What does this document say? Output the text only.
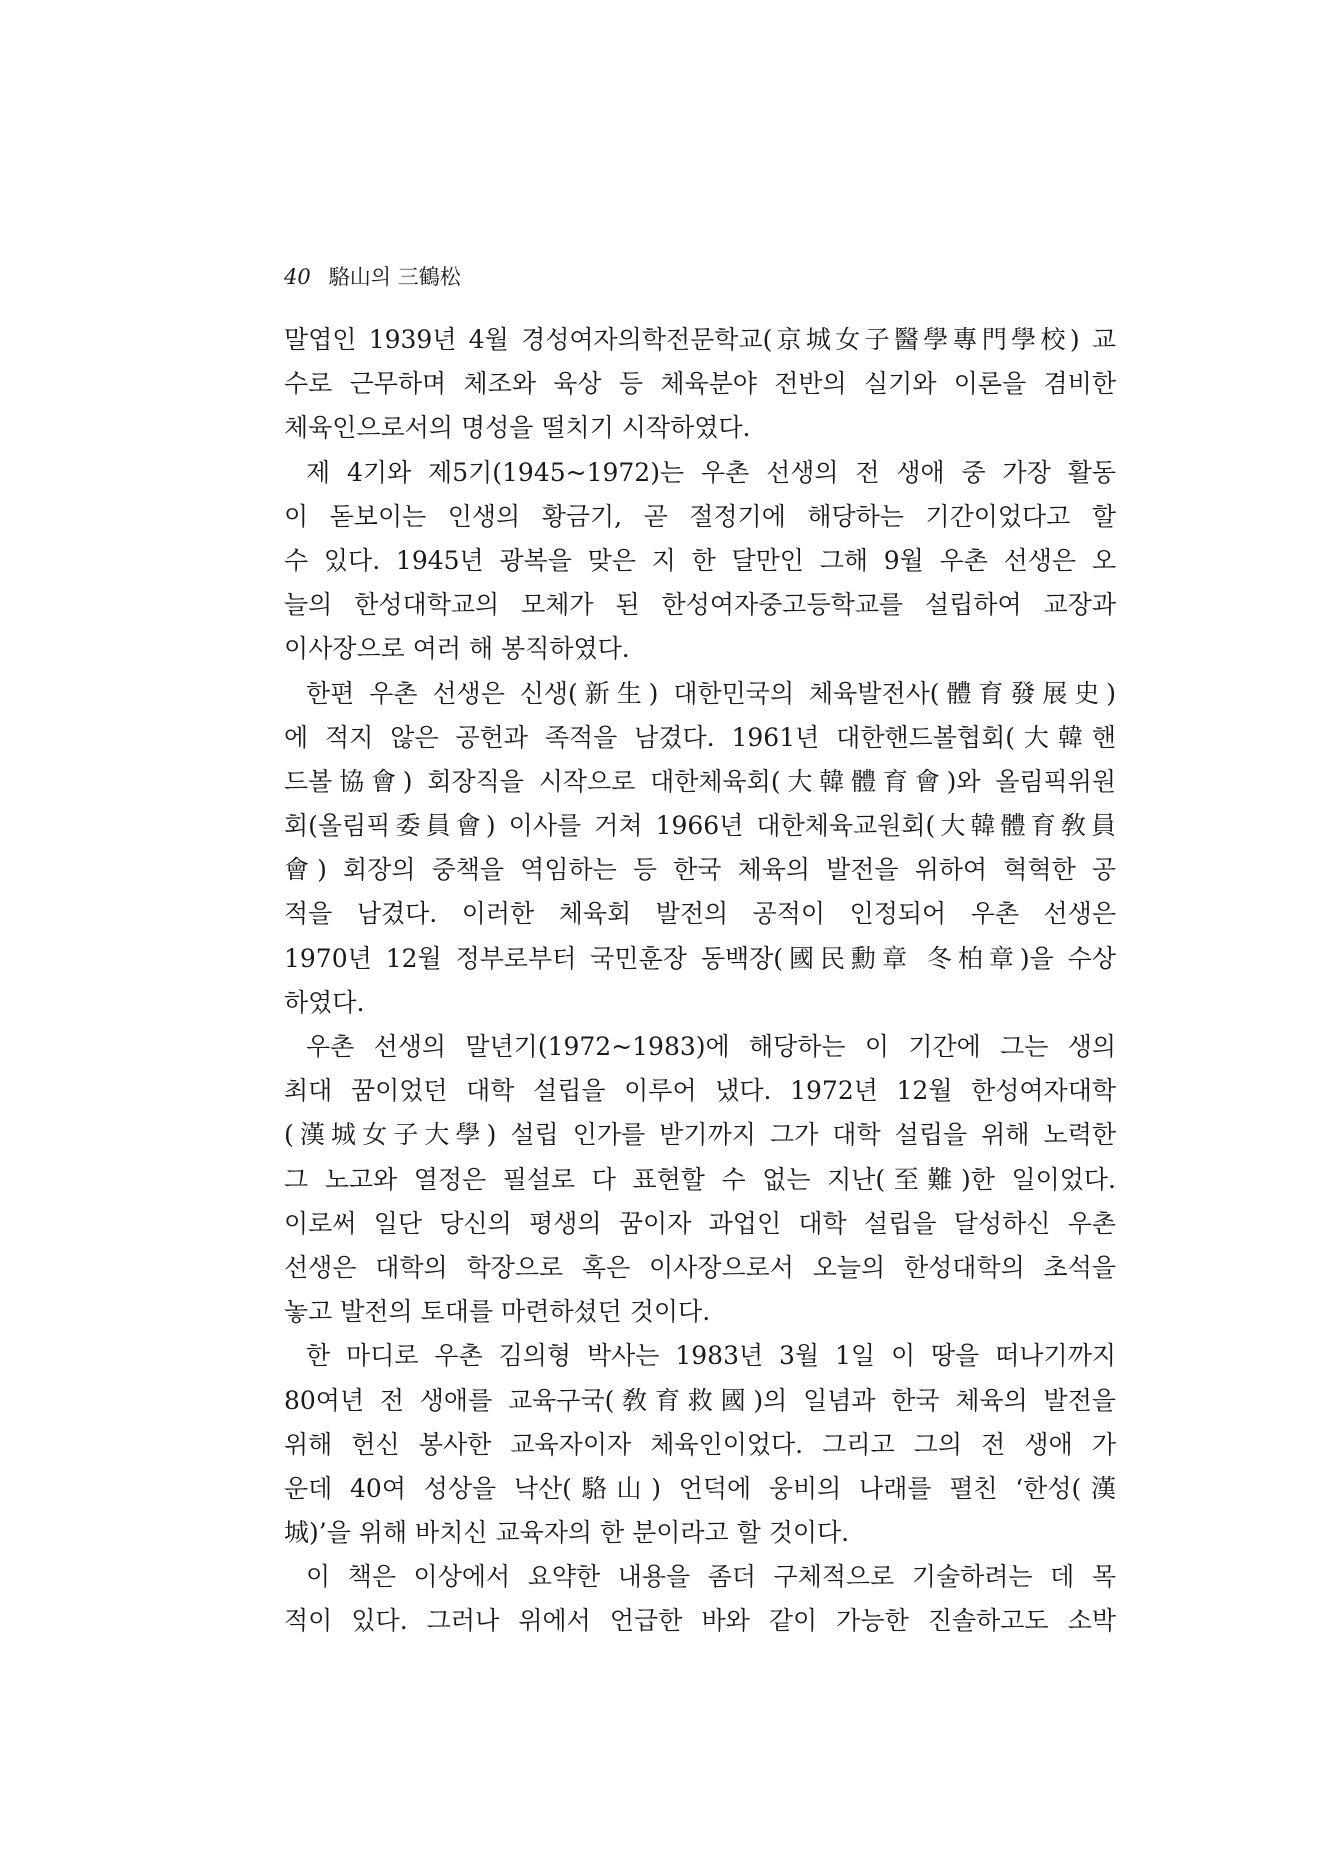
40 駱山의 三鶴松
말엽인 1939년 4월 경성여자의학전문학교(京城女子醫學專門學校) 교
수로 근무하며 체조와 육상 등 체육분야 전반의 실기와 이론을 겸비한
체육인으로서의 명성을 떨치기 시작하였다.
제 4기와 제5기(1945~1972)는 우촌 선생의 전 생애 중 가장 활동
이 돋보이는 인생의 황금기, 곧 절정기에 해당하는 기간이었다고 할
수 있다. 1945년 광복을 맞은 지 한 달만인 그해 9월 우촌 선생은 오
늘의 한성대학교의 모체가 된 한성여자중고등학교를 설립하여 교장과
이사장으로 여러 해 봉직하였다.
한편 우촌 선생은 신생(新生) 대한민국의 체육발전사(體育發展史)
에 적지 않은 공헌과 족적을 남겼다. 1961년 대한핸드볼협회(大韓핸
드볼協會) 회장직을 시작으로 대한체육회(大韓體育會)와 올림픽위원
회(올림픽委員會) 이사를 거쳐 1966년 대한체육교원회(大韓體育敎員
會) 회장의 중책을 역임하는 등 한국 체육의 발전을 위하여 혁혁한 공
적을 남겼다. 이러한 체육회 발전의 공적이 인정되어 우촌 선생은
1970년 12월 정부로부터 국민훈장 동백장(國民勳章 冬柏章)을 수상
하였다.
우촌 선생의 말년기(1972~1983)에 해당하는 이 기간에 그는 생의
최대 꿈이었던 대학 설립을 이루어 냈다. 1972년 12월 한성여자대학
(漢城女子大學) 설립 인가를 받기까지 그가 대학 설립을 위해 노력한
그 노고와 열정은 필설로 다 표현할 수 없는 지난(至難)한 일이었다.
이로써 일단 당신의 평생의 꿈이자 과업인 대학 설립을 달성하신 우촌
선생은 대학의 학장으로 혹은 이사장으로서 오늘의 한성대학의 초석을
놓고 발전의 토대를 마련하셨던 것이다.
한 마디로 우촌 김의형 박사는 1983년 3월 1일 이 땅을 떠나기까지
80여년 전 생애를 교육구국(敎育救國)의 일념과 한국 체육의 발전을
위해 헌신 봉사한 교육자이자 체육인이었다. 그리고 그의 전 생애 가
운데 40여 성상을 낙산(駱山) 언덕에 웅비의 나래를 펼친 ‘한성(漢
城)’을 위해 바치신 교육자의 한 분이라고 할 것이다.
이 책은 이상에서 요약한 내용을 좀더 구체적으로 기술하려는 데 목
적이 있다. 그러나 위에서 언급한 바와 같이 가능한 진솔하고도 소박
